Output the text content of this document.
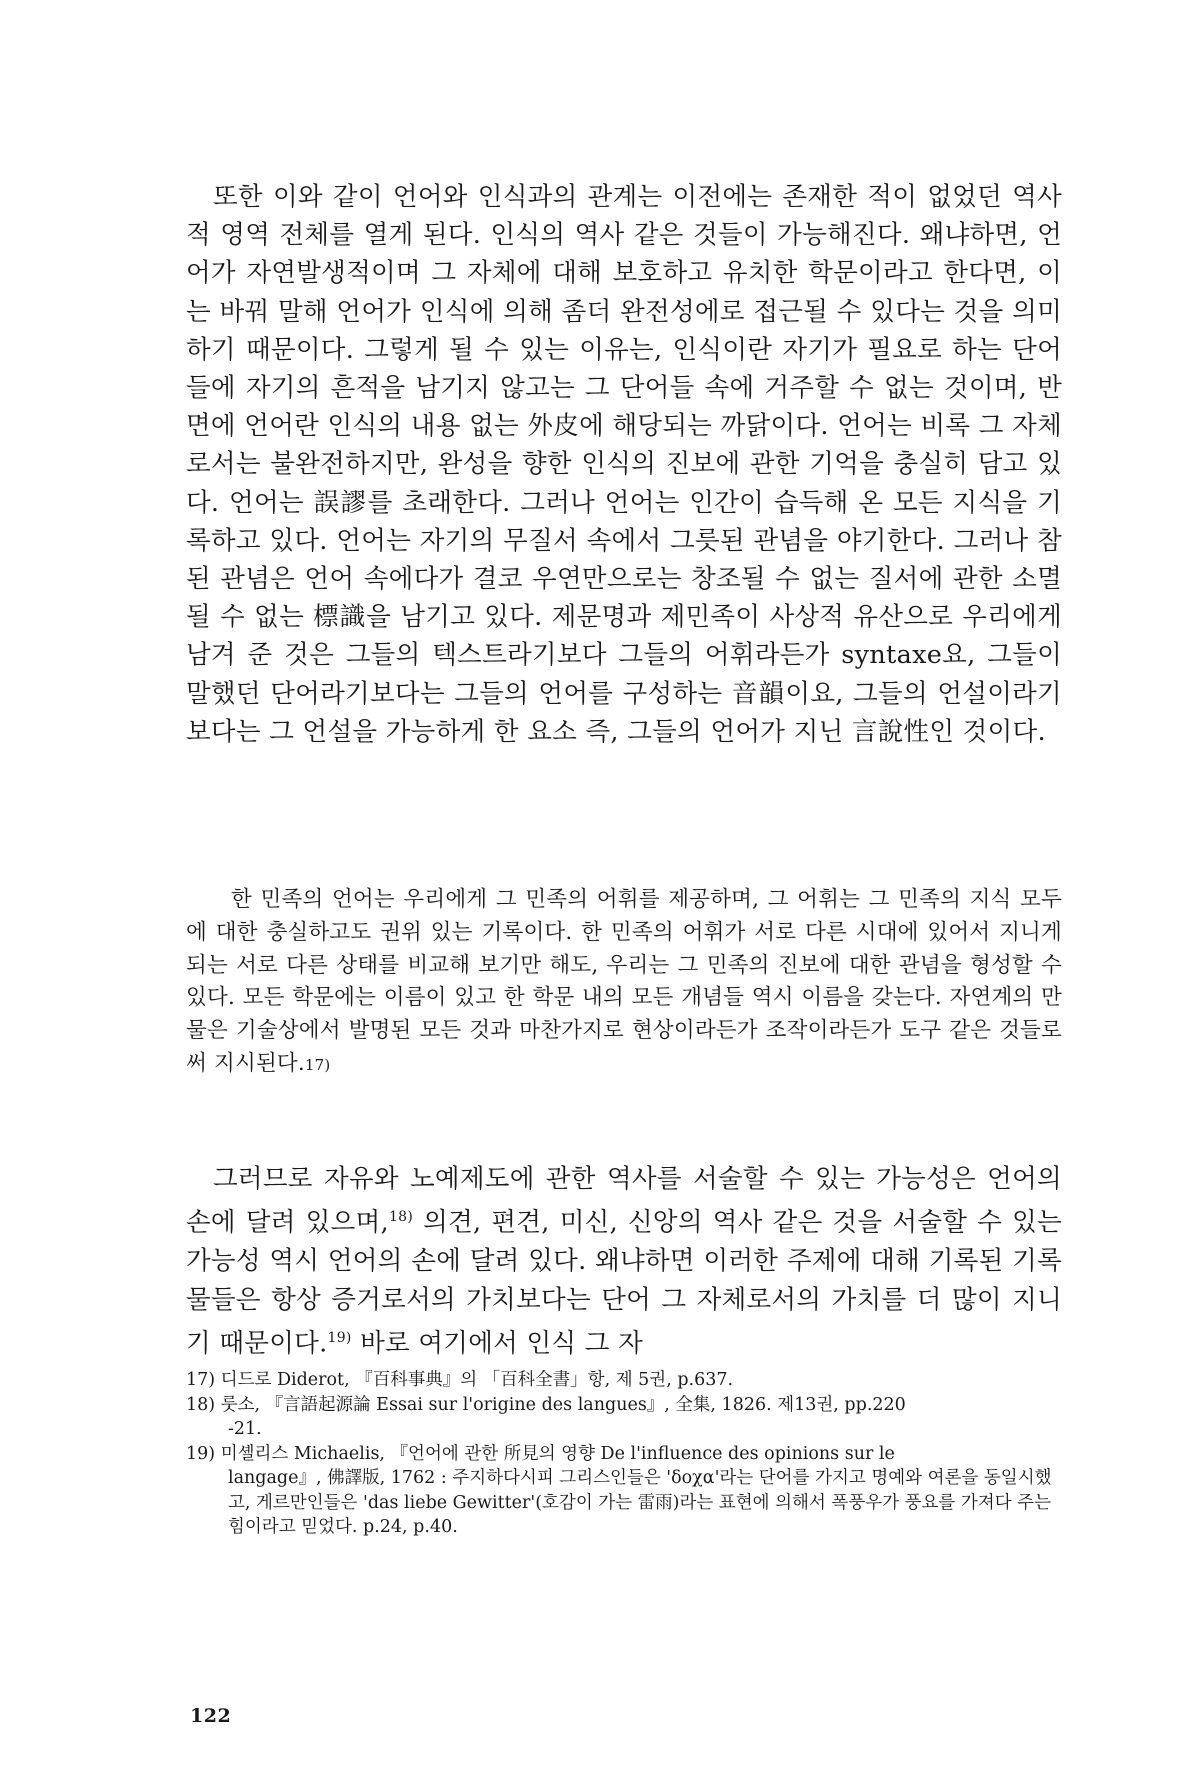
또한 이와 같이 언어와 인식과의 관계는 이전에는 존재한 적이 없었던 역사적 영역 전체를 열게 된다. 인식의 역사 같은 것들이 가능해진다. 왜냐하면, 언어가 자연발생적이며 그 자체에 대해 보호하고 유치한 학문이라고 한다면, 이는 바꿔 말해 언어가 인식에 의해 좀더 완전성에로 접근될 수 있다는 것을 의미하기 때문이다. 그렇게 될 수 있는 이유는, 인식이란 자기가 필요로 하는 단어들에 자기의 흔적을 남기지 않고는 그 단어들 속에 거주할 수 없는 것이며, 반면에 언어란 인식의 내용 없는 外皮에 해당되는 까닭이다. 언어는 비록 그 자체로서는 불완전하지만, 완성을 향한 인식의 진보에 관한 기억을 충실히 담고 있다. 언어는 誤謬를 초래한다. 그러나 언어는 인간이 습득해 온 모든 지식을 기록하고 있다. 언어는 자기의 무질서 속에서 그릇된 관념을 야기한다. 그러나 참된 관념은 언어 속에다가 결코 우연만으로는 창조될 수 없는 질서에 관한 소멸될 수 없는 標識을 남기고 있다. 제문명과 제민족이 사상적 유산으로 우리에게 남겨 준 것은 그들의 텍스트라기보다 그들의 어휘라든가 syntaxe요, 그들이 말했던 단어라기보다는 그들의 언어를 구성하는 音韻이요, 그들의 언설이라기보다는 그 언설을 가능하게 한 요소 즉, 그들의 언어가 지닌 言說性인 것이다.

한 민족의 언어는 우리에게 그 민족의 어휘를 제공하며, 그 어휘는 그 민족의 지식 모두에 대한 충실하고도 권위 있는 기록이다. 한 민족의 어휘가 서로 다른 시대에 있어서 지니게 되는 서로 다른 상태를 비교해 보기만 해도, 우리는 그 민족의 진보에 대한 관념을 형성할 수 있다. 모든 학문에는 이름이 있고 한 학문 내의 모든 개념들 역시 이름을 갖는다. 자연계의 만물은 기술상에서 발명된 모든 것과 마찬가지로 현상이라든가 조작이라든가 도구 같은 것들로써 지시된다.17)

그러므로 자유와 노예제도에 관한 역사를 서술할 수 있는 가능성은 언어의 손에 달려 있으며,$^{18)}$ 의견, 편견, 미신, 신앙의 역사 같은 것을 서술할 수 있는 가능성 역시 언어의 손에 달려 있다. 왜냐하면 이러한 주제에 대해 기록된 기록물들은 항상 증거로서의 가치보다는 단어 그 자체로서의 가치를 더 많이 지니기 때문이다.$^{19)}$ 바로 여기에서 인식 그 자

17) 디드로 Diderot, 『百科事典』의 「百科全書」항, 제 5권, p.637.

18) 룻소, 『言語起源論 Essai sur l'origine des langues』, 全集, 1826. 제13권, pp.220

-21.

19) 미셸리스 Michaelis, 『언어에 관한 所見의 영향 De l'influence des opinions sur le

langage』, 佛譯版, 1762 : 주지하다시피 그리스인들은 'δoχα'라는 단어를 가지고 명예와 여론을 동일시했고, 게르만인들은 'das liebe Gewitter'(호감이 가는 雷雨)라는 표현에 의해서 폭풍우가 풍요를 가져다 주는 힘이라고 믿었다. p.24, p.40.

122
